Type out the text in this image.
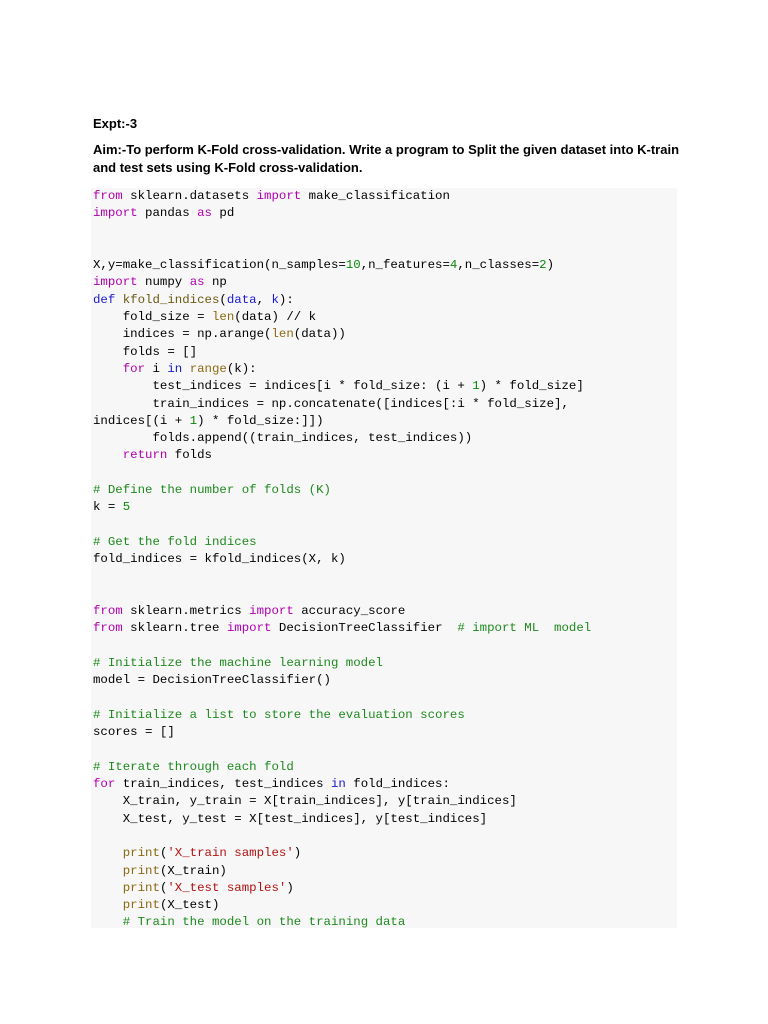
Expt:-3
Aim:-To perform K-Fold cross-validation. Write a program to Split the given dataset into K-train and test sets using K-Fold cross-validation.
from sklearn.datasets import make_classification
import pandas as pd
X,y=make_classification(n_samples=10,n_features=4,n_classes=2)
import numpy as np
def kfold_indices(data, k):
fold_size = len(data) // k
indices = np.arange(len(data))
folds = []
for i in range(k):
test_indices = indices[i * fold_size: (i + 1) * fold_size]
train_indices = np.concatenate([indices[:i * fold_size],
indices[(i + 1) * fold_size:]])
folds.append((train_indices, test_indices))
return folds
# Define the number of folds (K)
k = 5
# Get the fold indices
fold_indices = kfold_indices(X, k)
from sklearn.metrics import accuracy_score
from sklearn.tree import DecisionTreeClassifier  # import ML  model
# Initialize the machine learning model
model = DecisionTreeClassifier()
# Initialize a list to store the evaluation scores
scores = []
# Iterate through each fold
for train_indices, test_indices in fold_indices:
X_train, y_train = X[train_indices], y[train_indices]
X_test, y_test = X[test_indices], y[test_indices]
print('X_train samples')
print(X_train)
print('X_test samples')
print(X_test)
# Train the model on the training data
